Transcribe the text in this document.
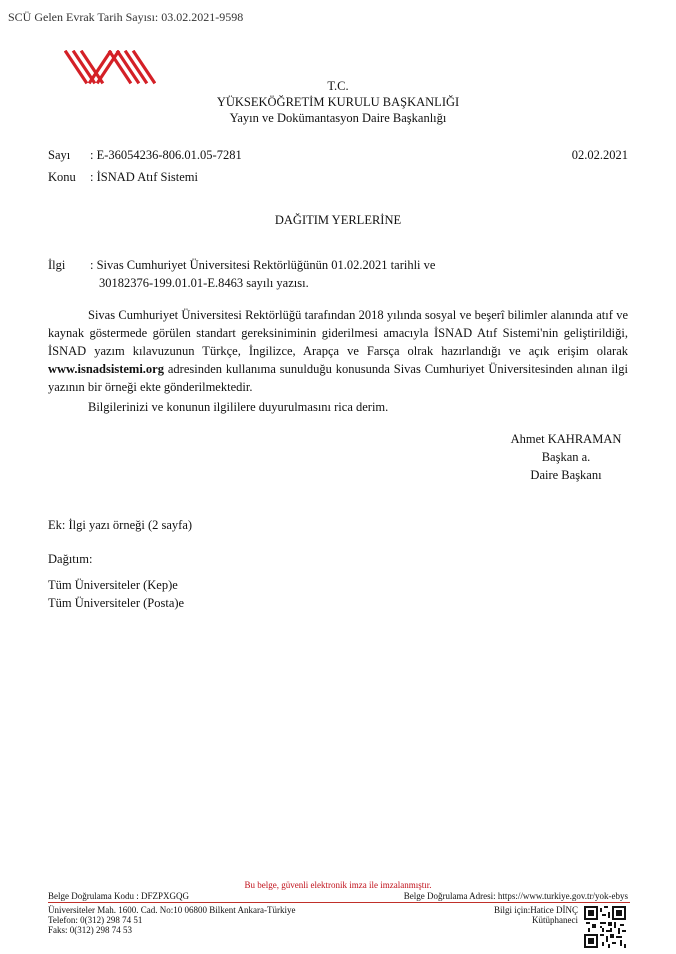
SCÜ Gelen Evrak Tarih Sayısı: 03.02.2021-9598
T.C.
YÜKSEKÖĞRETİM KURULU BAŞKANLIĞI
Yayın ve Dokümantasyon Daire Başkanlığı
Sayı : E-36054236-806.01.05-7281	02.02.2021
Konu : İSNAD Atıf Sistemi
DAĞITIM YERLERİNE
İlgi : Sivas Cumhuriyet Üniversitesi Rektörlüğünün 01.02.2021 tarihli ve
30182376-199.01.01-E.8463 sayılı yazısı.
Sivas Cumhuriyet Üniversitesi Rektörlüğü tarafından 2018 yılında sosyal ve beşerî bilimler alanında atıf ve kaynak göstermede görülen standart gereksiniminin giderilmesi amacıyla İSNAD Atıf Sistemi'nin geliştirildiği, İSNAD yazım kılavuzunun Türkçe, İngilizce, Arapça ve Farsça olrak hazırlandığı ve açık erişim olarak www.isnadsistemi.org adresinden kullanıma sunulduğu konusunda Sivas Cumhuriyet Üniversitesinden alınan ilgi yazının bir örneği ekte gönderilmektedir.
Bilgilerinizi ve konunun ilgililere duyurulmasını rica derim.
Ahmet KAHRAMAN
Başkan a.
Daire Başkanı
Ek: İlgi yazı örneği (2 sayfa)
Dağıtım:
Tüm Üniversiteler (Kep)e
Tüm Üniversiteler (Posta)e
Bu belge, güvenli elektronik imza ile imzalanmıştır.
Belge Doğrulama Kodu : DFZPXGQG	Belge Doğrulama Adresi: https://www.turkiye.gov.tr/yok-ebys
Üniversiteler Mah. 1600. Cad. No:10 06800 Bilkent Ankara-Türkiye
Telefon: 0(312) 298 74 51
Faks: 0(312) 298 74 53
Bilgi için:Hatice DİNÇ
Kütüphaneci
